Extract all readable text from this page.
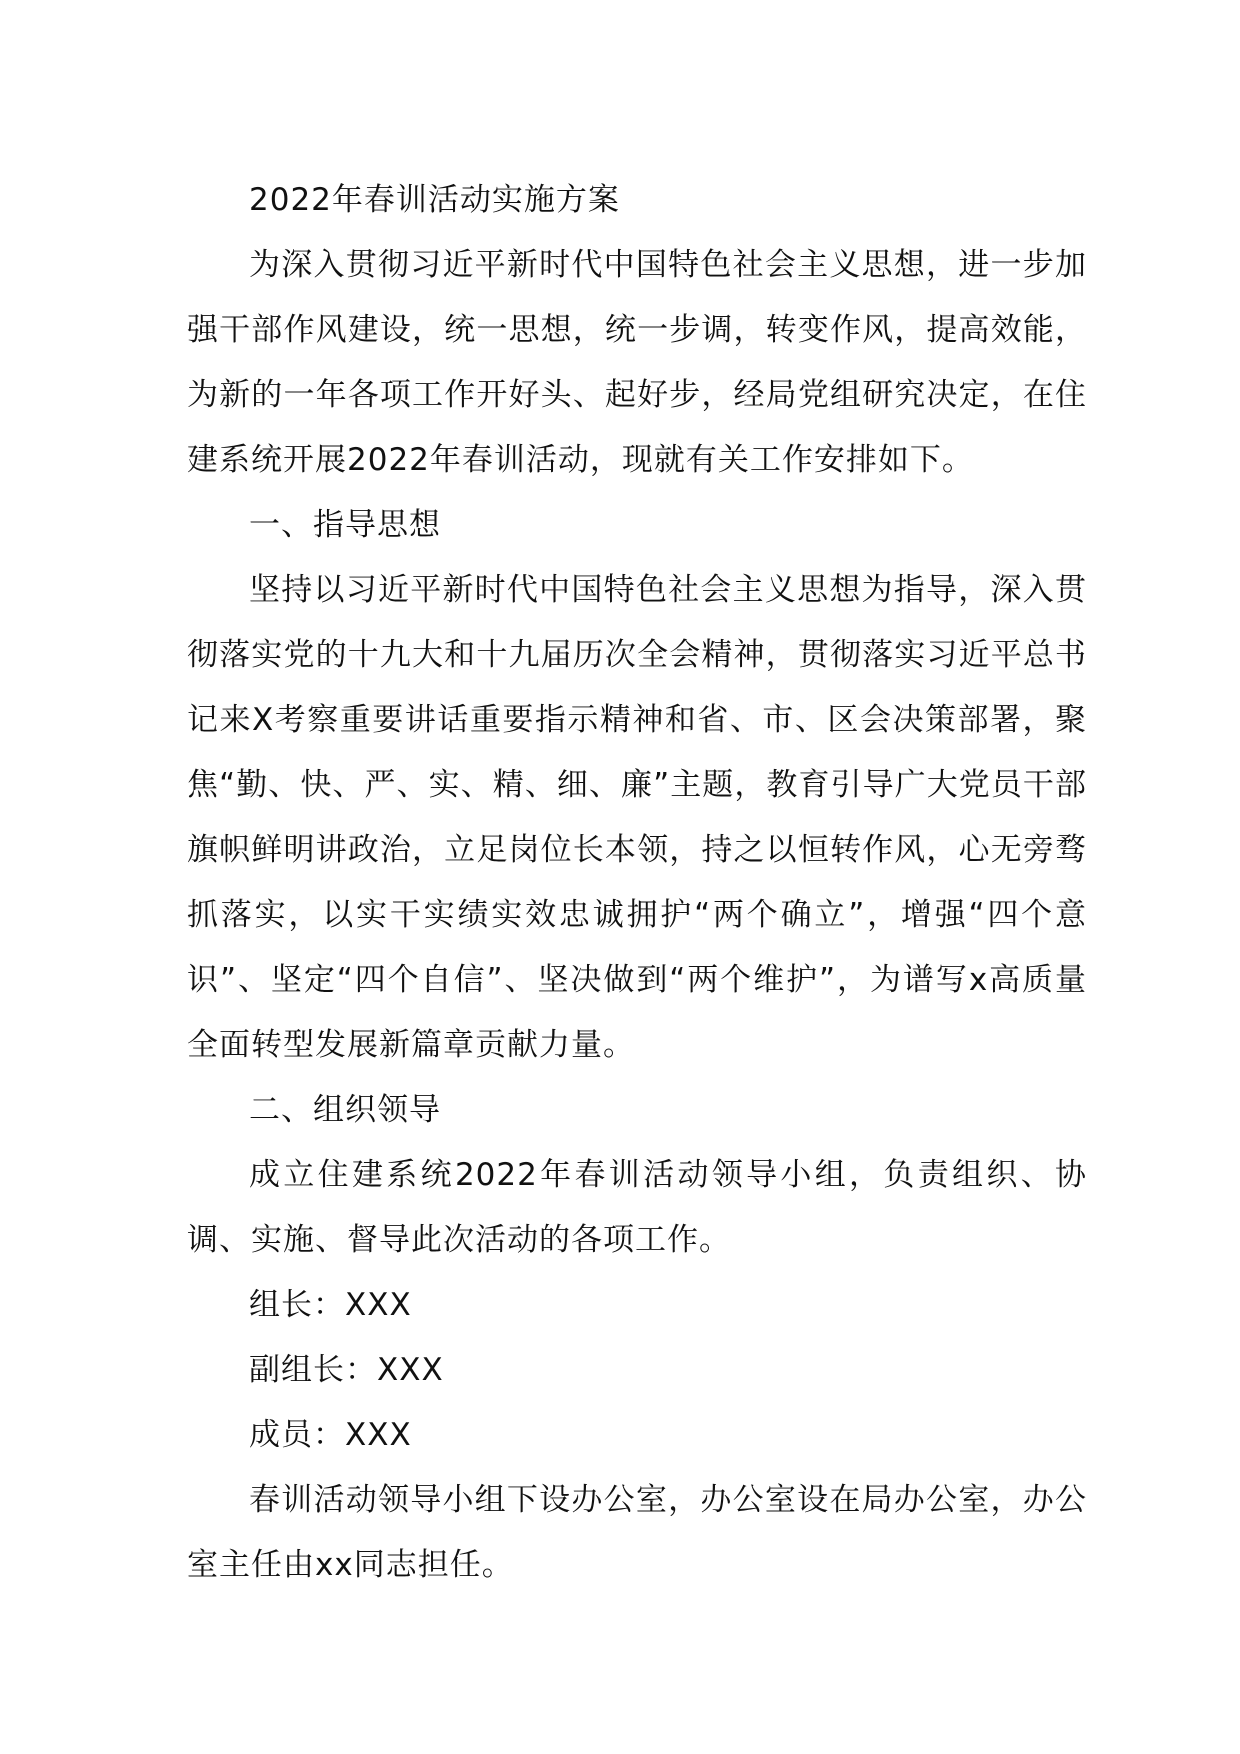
2022年春训活动实施方案

为深入贯彻习近平新时代中国特色社会主义思想，进一步加强干部作风建设，统一思想，统一步调，转变作风，提高效能，为新的一年各项工作开好头、起好步，经局党组研究决定，在住建系统开展2022年春训活动，现就有关工作安排如下。

一、指导思想

坚持以习近平新时代中国特色社会主义思想为指导，深入贯彻落实党的十九大和十九届历次全会精神，贯彻落实习近平总书记来X考察重要讲话重要指示精神和省、市、区会决策部署，聚焦“勤、快、严、实、精、细、廉”主题，教育引导广大党员干部旗帜鲜明讲政治，立足岗位长本领，持之以恒转作风，心无旁骛抓落实，以实干实绩实效忠诚拥护“两个确立”，增强“四个意识”、坚定“四个自信”、坚决做到“两个维护”，为谱写x高质量全面转型发展新篇章贡献力量。

二、组织领导

成立住建系统2022年春训活动领导小组，负责组织、协调、实施、督导此次活动的各项工作。

组长：XXX

副组长：XXX

成员：XXX

春训活动领导小组下设办公室，办公室设在局办公室，办公室主任由xx同志担任。
